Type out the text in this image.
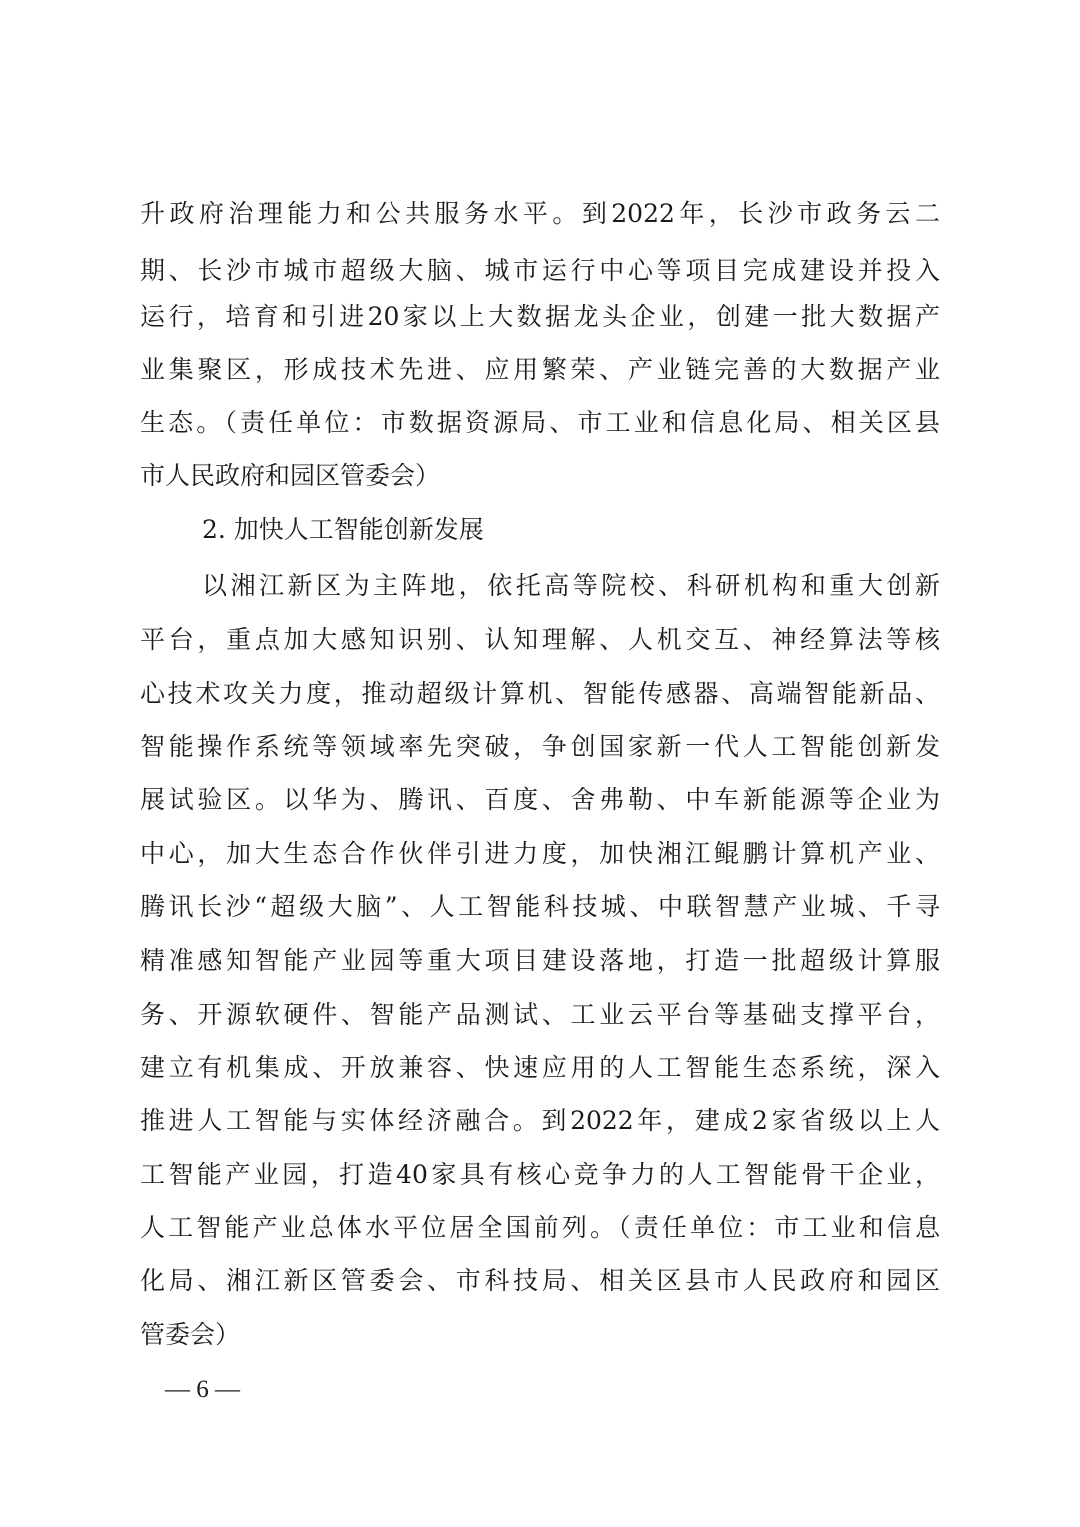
升政府治理能力和公共服务水平。到2022年，长沙市政务云二
期、长沙市城市超级大脑、城市运行中心等项目完成建设并投入
运行，培育和引进20家以上大数据龙头企业，创建一批大数据产
业集聚区，形成技术先进、应用繁荣、产业链完善的大数据产业
生态。（责任单位：市数据资源局、市工业和信息化局、相关区县
市人民政府和园区管委会）
2. 加快人工智能创新发展
以湘江新区为主阵地，依托高等院校、科研机构和重大创新
平台，重点加大感知识别、认知理解、人机交互、神经算法等核
心技术攻关力度，推动超级计算机、智能传感器、高端智能新品、
智能操作系统等领域率先突破，争创国家新一代人工智能创新发
展试验区。以华为、腾讯、百度、舍弗勒、中车新能源等企业为
中心，加大生态合作伙伴引进力度，加快湘江鲲鹏计算机产业、
腾讯长沙“超级大脑”、人工智能科技城、中联智慧产业城、千寻
精准感知智能产业园等重大项目建设落地，打造一批超级计算服
务、开源软硬件、智能产品测试、工业云平台等基础支撑平台，
建立有机集成、开放兼容、快速应用的人工智能生态系统，深入
推进人工智能与实体经济融合。到2022年，建成2家省级以上人
工智能产业园，打造40家具有核心竞争力的人工智能骨干企业，
人工智能产业总体水平位居全国前列。（责任单位：市工业和信息
化局、湘江新区管委会、市科技局、相关区县市人民政府和园区
管委会）
— 6 —
